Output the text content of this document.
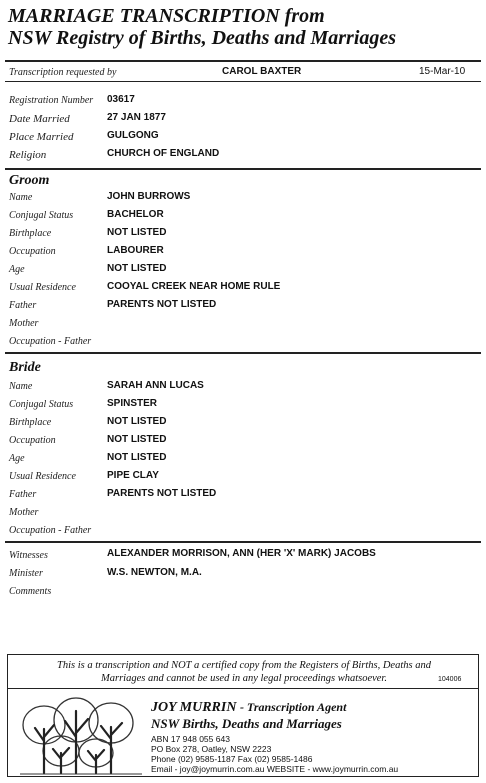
MARRIAGE TRANSCRIPTION from
NSW Registry of Births, Deaths and Marriages
Transcription requested by	CAROL BAXTER	15-Mar-10
Registration Number 03617
Date Married	27 JAN 1877
Place Married	GULGONG
Religion	CHURCH OF ENGLAND
Groom
Name	JOHN BURROWS
Conjugal Status	BACHELOR
Birthplace	NOT LISTED
Occupation	LABOURER
Age	NOT LISTED
Usual Residence	COOYAL CREEK NEAR HOME RULE
Father	PARENTS NOT LISTED
Mother
Occupation - Father
Bride
Name	SARAH ANN LUCAS
Conjugal Status	SPINSTER
Birthplace	NOT LISTED
Occupation	NOT LISTED
Age	NOT LISTED
Usual Residence	PIPE CLAY
Father	PARENTS NOT LISTED
Mother
Occupation - Father
Witnesses	ALEXANDER MORRISON, ANN (HER 'X' MARK) JACOBS
Minister	W.S. NEWTON, M.A.
Comments
This is a transcription and NOT a certified copy from the Registers of Births, Deaths and
Marriages and cannot be used in any legal proceedings whatsoever.	104006
JOY MURRIN - Transcription Agent
NSW Births, Deaths and Marriages
ABN 17 948 055 643
PO Box 278, Oatley, NSW 2223
Phone (02) 9585-1187 Fax (02) 9585-1486
Email - joy@joymurrin.com.au WEBSITE - www.joymurrin.com.au
